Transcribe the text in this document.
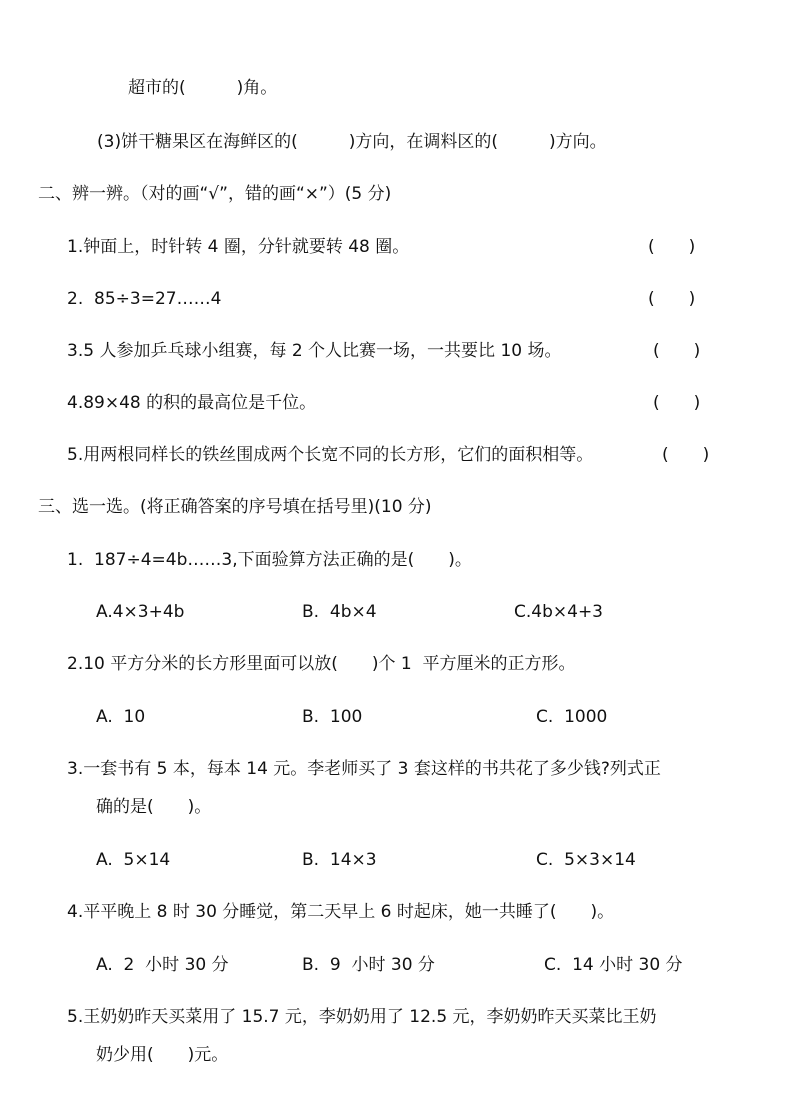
超市的(　　　)角。
(3)饼干糖果区在海鲜区的(　　　)方向，在调料区的(　　　)方向。
二、辨一辨。（对的画“√”，错的画“×”）(5 分)
1.钟面上，时针转 4 圈，分针就要转 48 圈。	(　　)
2.  85÷3=27……4	(　　)
3.5 人参加乒乓球小组赛，每 2 个人比赛一场，一共要比 10 场。	(　　)
4.89×48 的积的最高位是千位。	(　　)
5.用两根同样长的铁丝围成两个长宽不同的长方形，它们的面积相等。	(　　)
三、选一选。(将正确答案的序号填在括号里)(10 分)
1.  187÷4=4b……3,下面验算方法正确的是(　　)。
A.4×3+4b	B.  4b×4	C.4b×4+3
2.10 平方分米的长方形里面可以放(　　)个 1  平方厘米的正方形。
A.  10	B.  100	C.  1000
3.一套书有 5 本，每本 14 元。李老师买了 3 套这样的书共花了多少钱?列式正
确的是(　　)。
A.  5×14	B.  14×3	C.  5×3×14
4.平平晚上 8 时 30 分睡觉，第二天早上 6 时起床，她一共睡了(　　)。
A.  2  小时 30 分	B.  9  小时 30 分	C.  14 小时 30 分
5.王奶奶昨天买菜用了 15.7 元，李奶奶用了 12.5 元，李奶奶昨天买菜比王奶
奶少用(　　)元。
